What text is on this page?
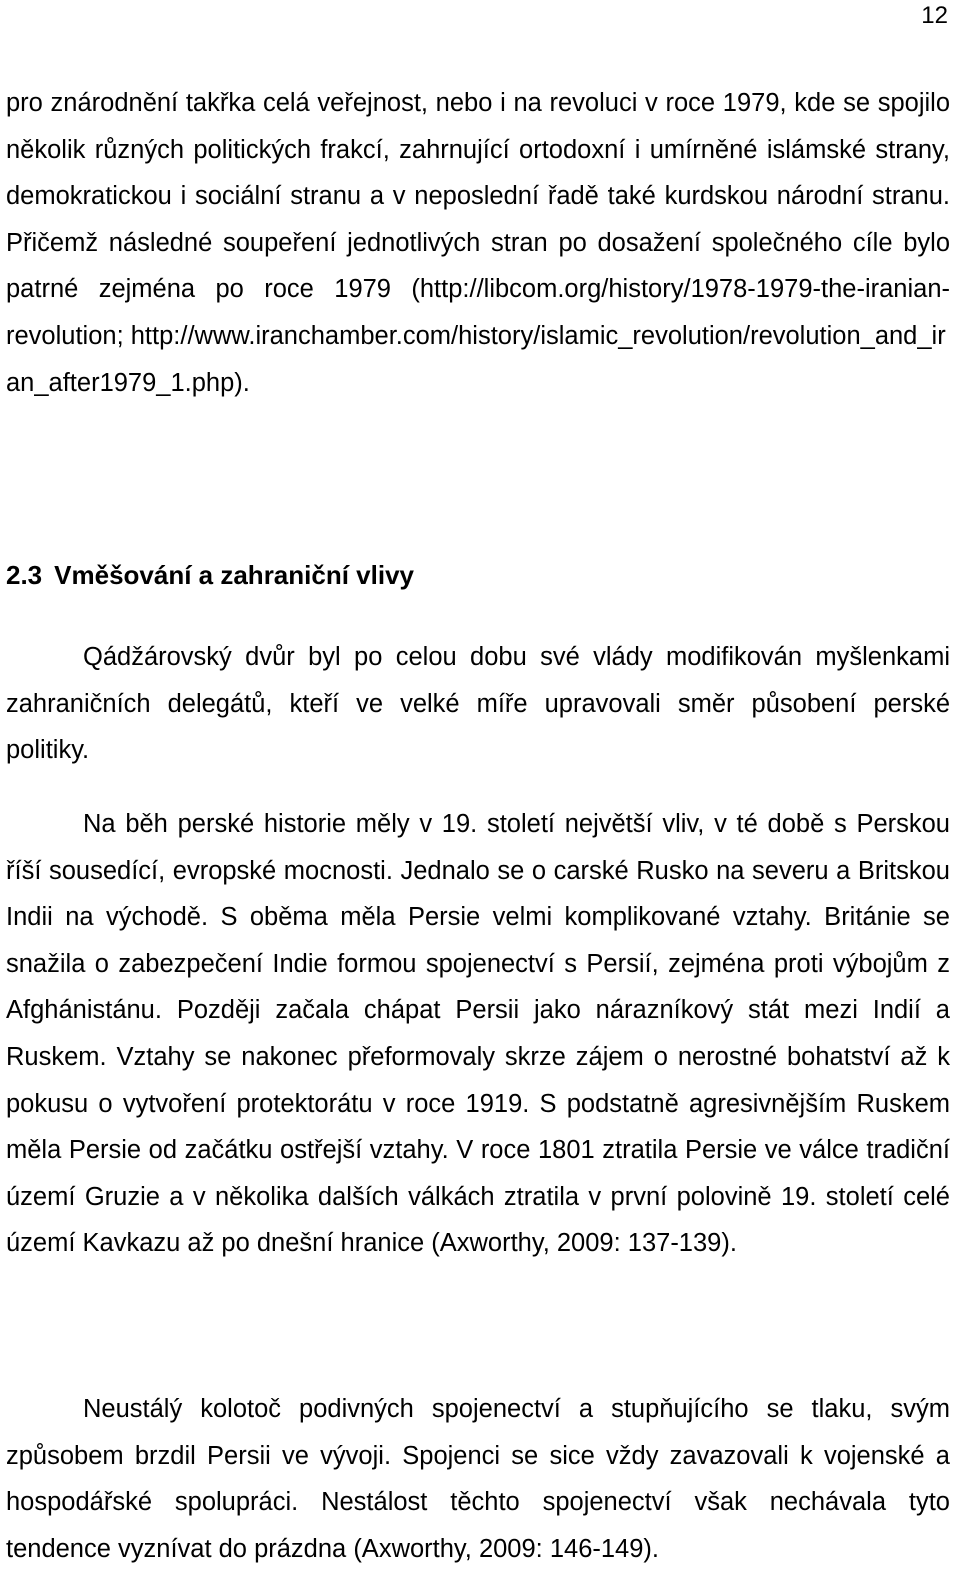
12
pro znárodnění takřka celá veřejnost, nebo i na revoluci v roce 1979, kde se spojilo několik různých politických frakcí, zahrnující ortodoxní i umírněné islámské strany, demokratickou i sociální stranu a v neposlední řadě také kurdskou národní stranu. Přičemž následné soupeření jednotlivých stran po dosažení společného cíle bylo patrné zejména po roce 1979 (http://libcom.org/history/1978-1979-the-iranian-revolution; http://www.iranchamber.com/history/islamic_revolution/revolution_and_ir
an_after1979_1.php).
2.3 Vměšování a zahraniční vlivy

Qádžárovský dvůr byl po celou dobu své vlády modifikován myšlenkami zahraničních delegátů, kteří ve velké míře upravovali směr působení perské politiky.

Na běh perské historie měly v 19. století největší vliv, v té době s Perskou říší sousedící, evropské mocnosti. Jednalo se o carské Rusko na severu a Britskou Indii na východě. S oběma měla Persie velmi komplikované vztahy. Británie se snažila o zabezpečení Indie formou spojenectví s Persií, zejména proti výbojům z Afghánistánu. Později začala chápat Persii jako nárazníkový stát mezi Indií a Ruskem. Vztahy se nakonec přeformovaly skrze zájem o nerostné bohatství až k pokusu o vytvoření protektorátu v roce 1919. S podstatně agresivnějším Ruskem měla Persie od začátku ostřejší vztahy. V roce 1801 ztratila Persie ve válce tradiční území Gruzie a v několika dalších válkách ztratila v první polovině 19. století celé území Kavkazu až po dnešní hranice (Axworthy, 2009: 137-139).

Neustálý kolotoč podivných spojenectví a stupňujícího se tlaku, svým způsobem brzdil Persii ve vývoji. Spojenci se sice vždy zavazovali k vojenské a hospodářské spolupráci. Nestálost těchto spojenectví však nechávala tyto tendence vyznívat do prázdna (Axworthy, 2009: 146-149).
